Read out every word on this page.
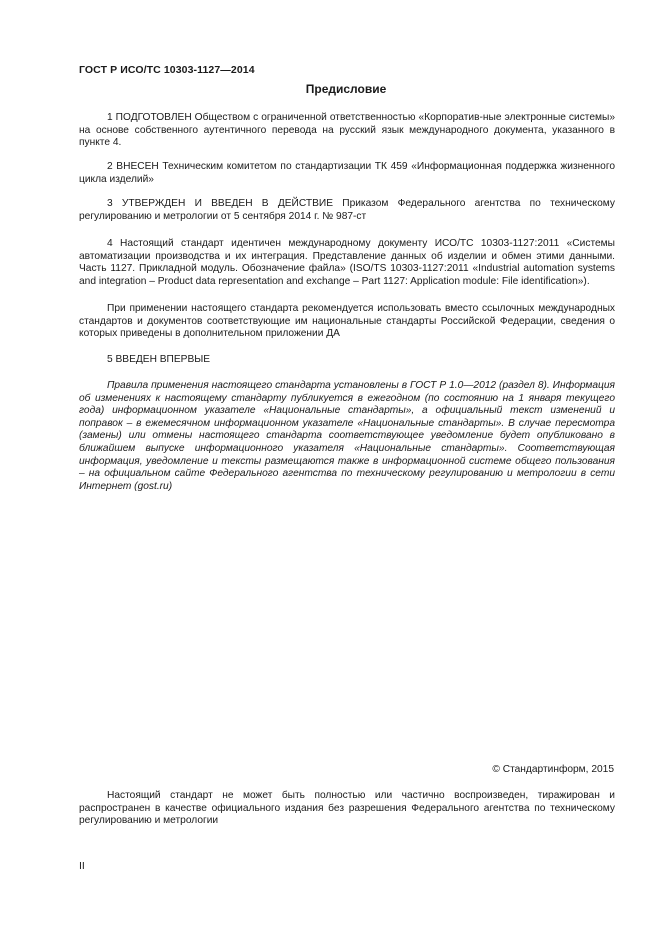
ГОСТ Р ИСО/ТС 10303-1127—2014
Предисловие

1 ПОДГОТОВЛЕН Обществом с ограниченной ответственностью «Корпоратив-ные электронные системы» на основе собственного аутентичного перевода на русский язык международного документа, указанного в пункте 4.

2 ВНЕСЕН Техническим комитетом по стандартизации ТК 459 «Информационная поддержка жизненного цикла изделий»

3 УТВЕРЖДЕН И ВВЕДЕН В ДЕЙСТВИЕ Приказом Федерального агентства по техническому регулированию и метрологии от 5 сентября 2014 г. № 987-ст

4 Настоящий стандарт идентичен международному документу ИСО/ТС 10303-1127:2011 «Системы автоматизации производства и их интеграция. Представление данных об изделии и обмен этими данными. Часть 1127. Прикладной модуль. Обозначение файла» (ISO/TS 10303-1127:2011 «Industrial automation systems and integration – Product data representation and exchange – Part 1127: Application module: File identification»).

При применении настоящего стандарта рекомендуется использовать вместо ссылочных международных стандартов и документов соответствующие им национальные стандарты Российской Федерации, сведения о которых приведены в дополнительном приложении ДА

5 ВВЕДЕН ВПЕРВЫЕ

Правила применения настоящего стандарта установлены в ГОСТ Р 1.0—2012 (раздел 8). Информация об изменениях к настоящему стандарту публикуется в ежегодном (по состоянию на 1 января текущего года) информационном указателе «Национальные стандарты», а официальный текст изменений и поправок – в ежемесячном информационном указателе «Национальные стандарты». В случае пересмотра (замены) или отмены настоящего стандарта соответствующее уведомление будет опубликовано в ближайшем выпуске информационного указателя «Национальные стандарты». Соответствующая информация, уведомление и тексты размещаются также в информационной системе общего пользования – на официальном сайте Федерального агентства по техническому регулированию и метрологии в сети Интернет (gost.ru)

© Стандартинформ, 2015

Настоящий стандарт не может быть полностью или частично воспроизведен, тиражирован и распространен в качестве официального издания без разрешения Федерального агентства по техническому регулированию и метрологии

II
